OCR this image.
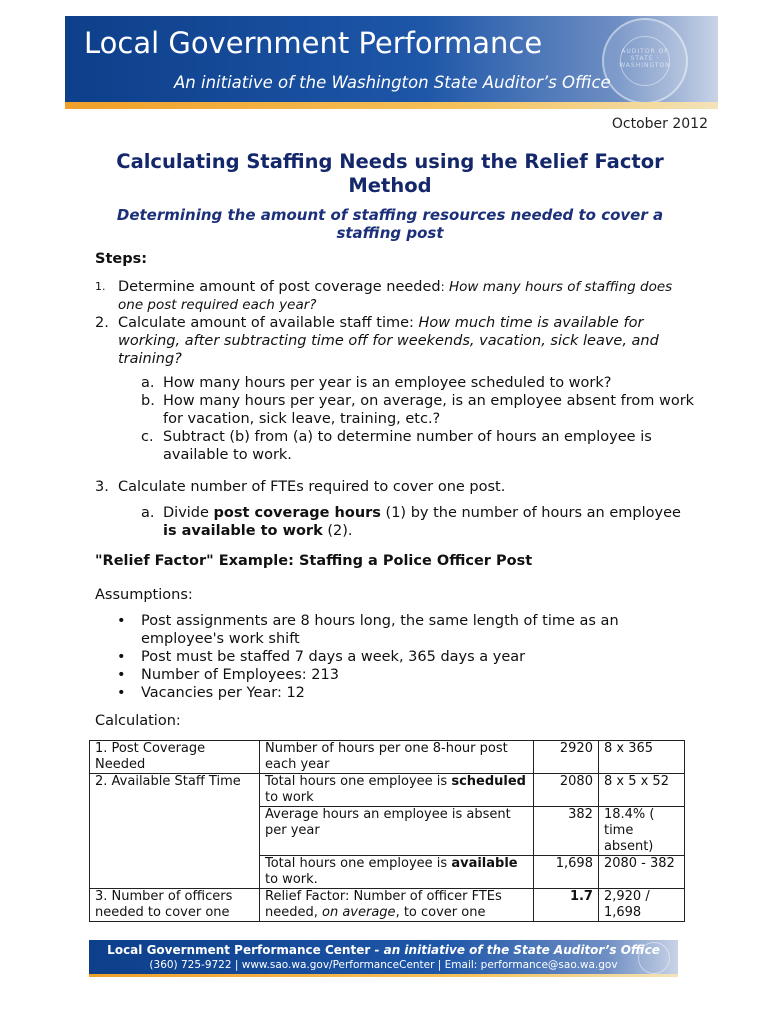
Local Government Performance
An initiative of the Washington State Auditor’s Office
AUDITOR OF STATE · WASHINGTON
October 2012
Calculating Staffing Needs using the Relief Factor Method
Determining the amount of staffing resources needed to cover a staffing post
Steps:
1. Determine amount of post coverage needed: How many hours of staffing does one post required each year?
2. Calculate amount of available staff time: How much time is available for working, after subtracting time off for weekends, vacation, sick leave, and training?
a. How many hours per year is an employee scheduled to work?
b. How many hours per year, on average, is an employee absent from work for vacation, sick leave, training, etc.?
c. Subtract (b) from (a) to determine number of hours an employee is available to work.
3. Calculate number of FTEs required to cover one post.
a. Divide post coverage hours (1) by the number of hours an employee is available to work (2).
"Relief Factor" Example: Staffing a Police Officer Post
Assumptions:
• Post assignments are 8 hours long, the same length of time as an employee's work shift
• Post must be staffed 7 days a week, 365 days a year
• Number of Employees: 213
• Vacancies per Year: 12
Calculation:
1. Post Coverage Needed	Number of hours per one 8-hour post each year	2920	8 x 365
2. Available Staff Time	Total hours one employee is scheduled to work	2080	8 x 5 x 52
	Average hours an employee is absent per year	382	18.4% ( time absent)
	Total hours one employee is available to work.	1,698	2080 - 382
3. Number of officers needed to cover one	Relief Factor: Number of officer FTEs needed, on average, to cover one	1.7	2,920 / 1,698
Local Government Performance Center - an initiative of the State Auditor’s Office
(360) 725-9722 | www.sao.wa.gov/PerformanceCenter | Email: performance@sao.wa.gov
